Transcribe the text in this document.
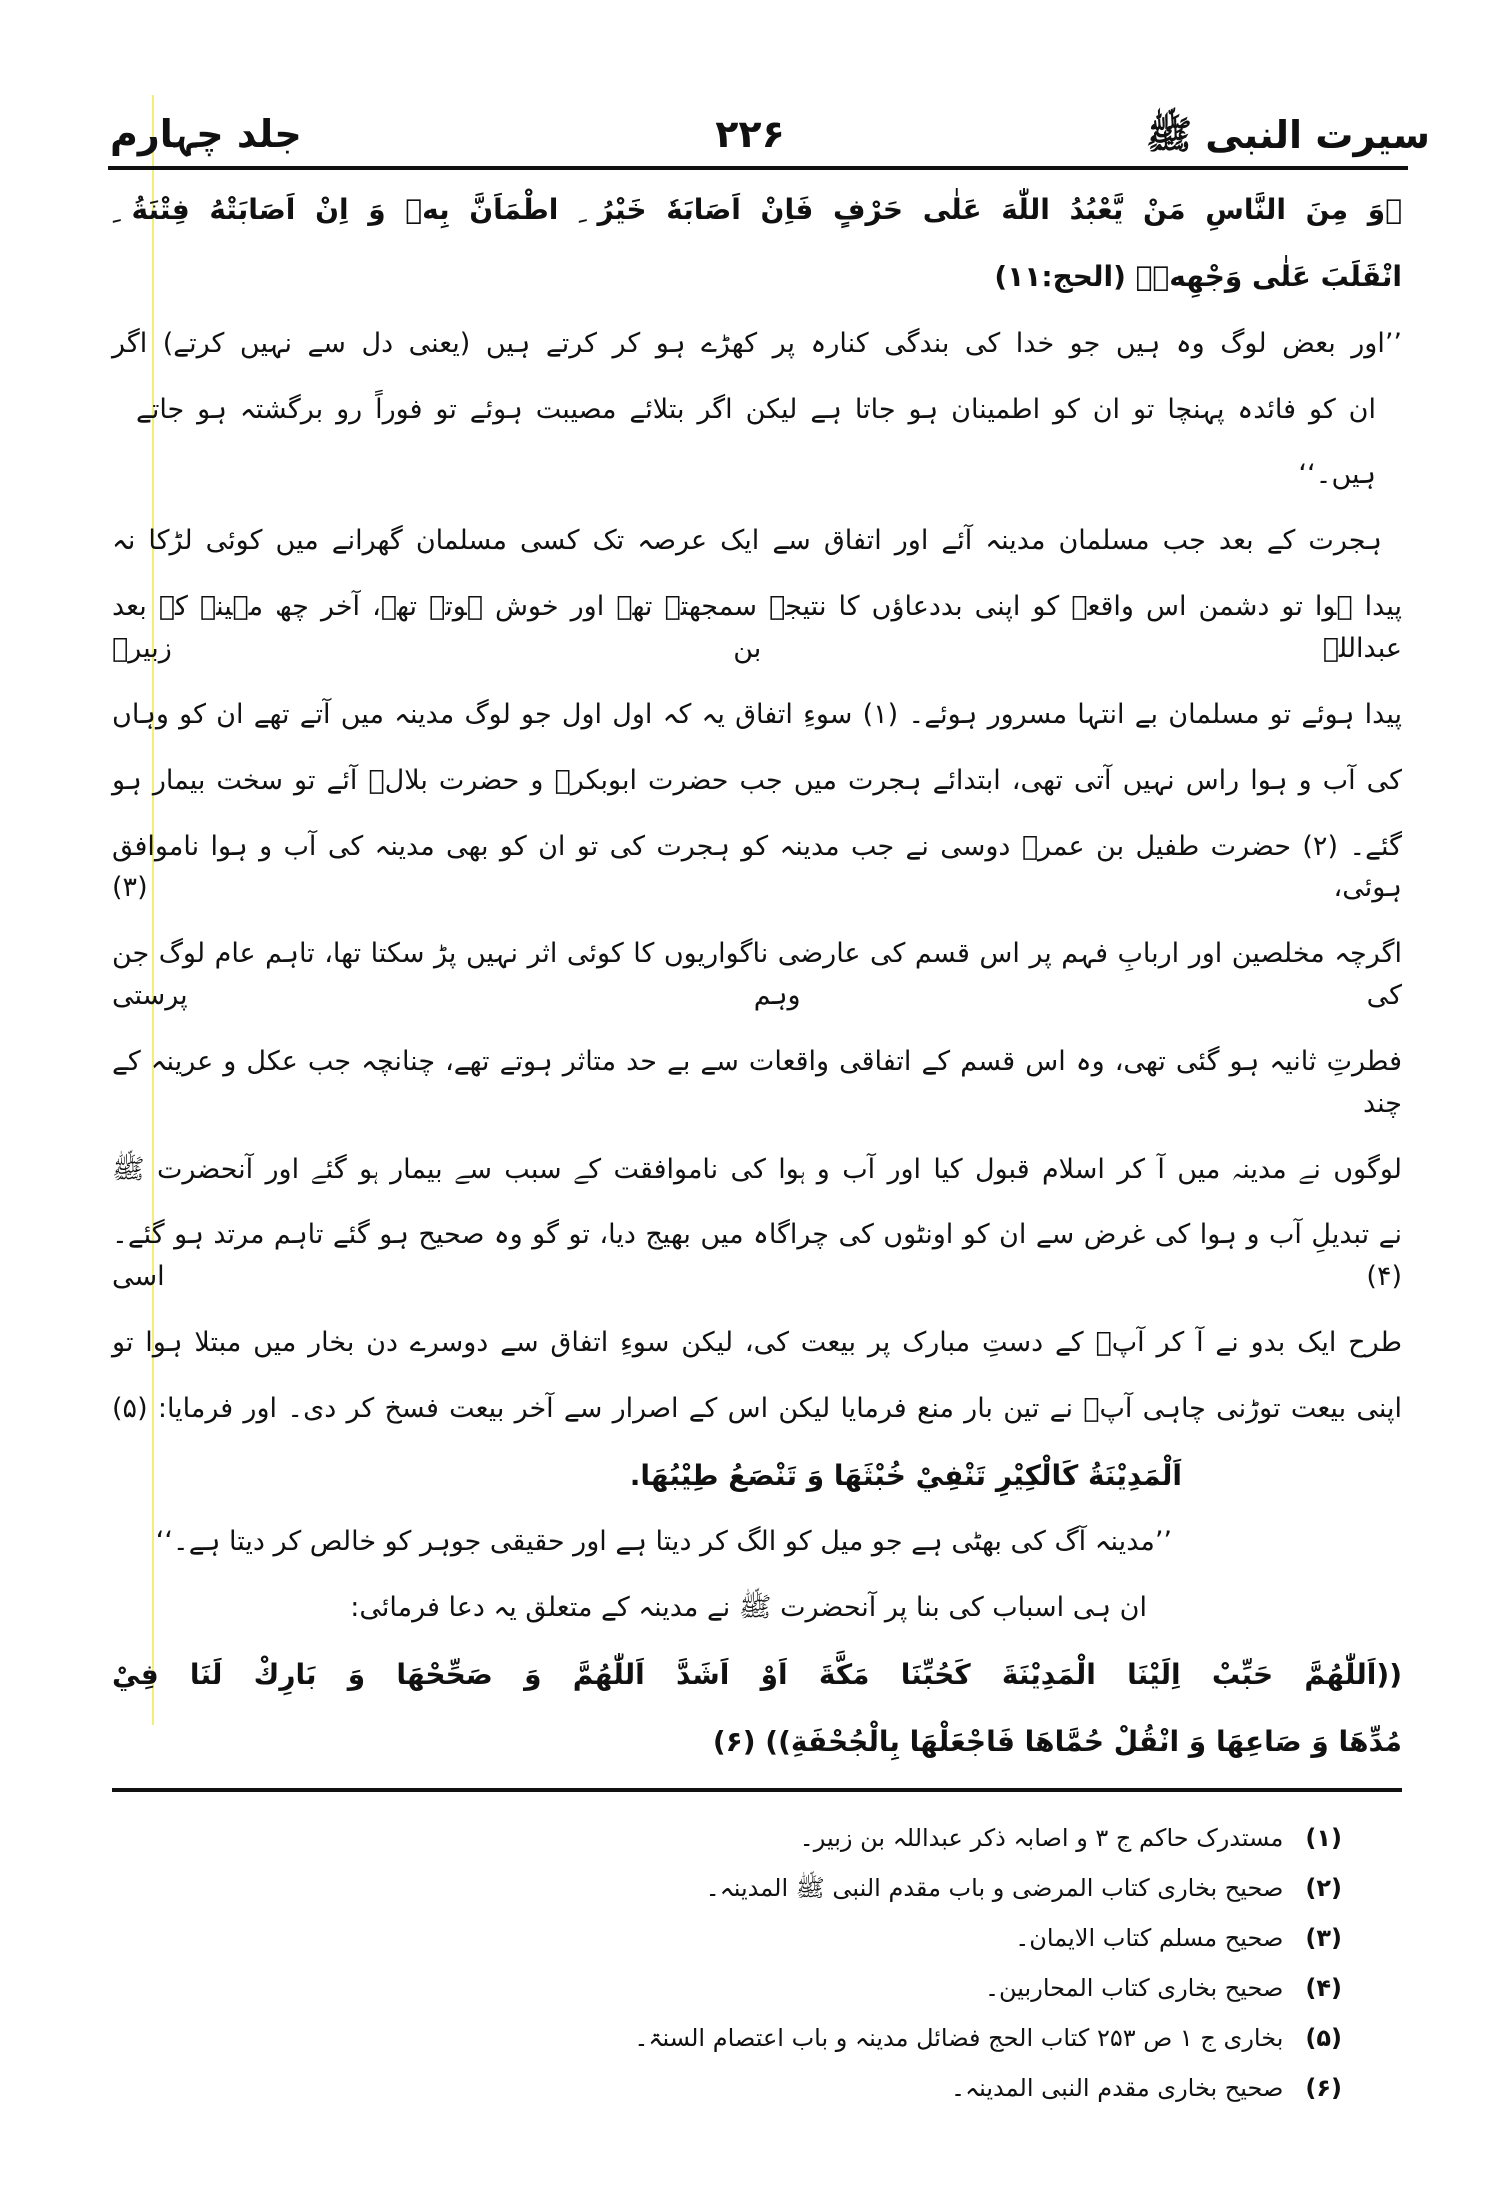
سیرت النبی ﷺ
۲۲۶
جلد چہارم
﴿وَ مِنَ النَّاسِ مَنْ يَّعْبُدُ اللّٰهَ عَلٰى حَرْفٍ فَاِنْ اَصَابَهٗ خَيْرُ ِ اطْمَاَنَّ بِهٖ وَ اِنْ اَصَابَتْهُ فِتْنَةُ ِ
انْقَلَبَ عَلٰى وَجْهِهٖ﴾ (الحج:۱۱)
’’اور بعض لوگ وہ ہیں جو خدا کی بندگی کنارہ پر کھڑے ہو کر کرتے ہیں (یعنی دل سے نہیں کرتے) اگر
ان کو فائدہ پہنچا تو ان کو اطمینان ہو جاتا ہے لیکن اگر بتلائے مصیبت ہوئے تو فوراً رو برگشتہ ہو جاتے
ہیں۔‘‘
ہجرت کے بعد جب مسلمان مدینہ آئے اور اتفاق سے ایک عرصہ تک کسی مسلمان گھرانے میں کوئی لڑکا نہ
پیدا ہوا تو دشمن اس واقعہ کو اپنی بددعاؤں کا نتیجہ سمجھتے تھے اور خوش ہوتے تھے، آخر چھ مہینے کے بعد عبداللہ بن زبیرؓ
پیدا ہوئے تو مسلمان بے انتہا مسرور ہوئے۔ (۱) سوءِ اتفاق یہ کہ اول اول جو لوگ مدینہ میں آتے تھے ان کو وہاں
کی آب و ہوا راس نہیں آتی تھی، ابتدائے ہجرت میں جب حضرت ابوبکرؓ و حضرت بلالؓ آئے تو سخت بیمار ہو
گئے۔ (۲) حضرت طفیل بن عمرؓ دوسی نے جب مدینہ کو ہجرت کی تو ان کو بھی مدینہ کی آب و ہوا ناموافق ہوئی، (۳)
اگرچہ مخلصین اور اربابِ فہم پر اس قسم کی عارضی ناگواریوں کا کوئی اثر نہیں پڑ سکتا تھا، تاہم عام لوگ جن کی وہم پرستی
فطرتِ ثانیہ ہو گئی تھی، وہ اس قسم کے اتفاقی واقعات سے بے حد متاثر ہوتے تھے، چنانچہ جب عکل و عرینہ کے چند
لوگوں نے مدینہ میں آ کر اسلام قبول کیا اور آب و ہوا کی ناموافقت کے سبب سے بیمار ہو گئے اور آنحضرت ﷺ
نے تبدیلِ آب و ہوا کی غرض سے ان کو اونٹوں کی چراگاہ میں بھیج دیا، تو گو وہ صحیح ہو گئے تاہم مرتد ہو گئے۔ (۴) اسی
طرح ایک بدو نے آ کر آپؐ کے دستِ مبارک پر بیعت کی، لیکن سوءِ اتفاق سے دوسرے دن بخار میں مبتلا ہوا تو
اپنی بیعت توڑنی چاہی آپؐ نے تین بار منع فرمایا لیکن اس کے اصرار سے آخر بیعت فسخ کر دی۔ اور فرمایا: (۵)
اَلْمَدِيْنَةُ كَالْكِيْرِ تَنْفِيْ خُبْثَهَا وَ تَنْصَعُ طِيْبُهَا.
’’مدینہ آگ کی بھٹی ہے جو میل کو الگ کر دیتا ہے اور حقیقی جوہر کو خالص کر دیتا ہے۔‘‘
ان ہی اسباب کی بنا پر آنحضرت ﷺ نے مدینہ کے متعلق یہ دعا فرمائی:
((اَللّٰهُمَّ حَبِّبْ اِلَيْنَا الْمَدِيْنَةَ كَحُبِّنَا مَكَّةَ اَوْ اَشَدَّ اَللّٰهُمَّ وَ صَحِّحْهَا وَ بَارِكْ لَنَا فِيْ
مُدِّهَا وَ صَاعِهَا وَ انْقُلْ حُمَّاهَا فَاجْعَلْهَا بِالْجُحْفَةِ)) (۶)
(۱)
مستدرک حاکم ج ۳ و اصابہ ذکر عبداللہ بن زبیر۔
(۲)
صحیح بخاری کتاب المرضی و باب مقدم النبی ﷺ المدینہ۔
(۳)
صحیح مسلم کتاب الایمان۔
(۴)
صحیح بخاری کتاب المحاربین۔
(۵)
بخاری ج ۱ ص ۲۵۳ کتاب الحج فضائل مدینہ و باب اعتصام السنۃ۔
(۶)
صحیح بخاری مقدم النبی المدینہ۔
